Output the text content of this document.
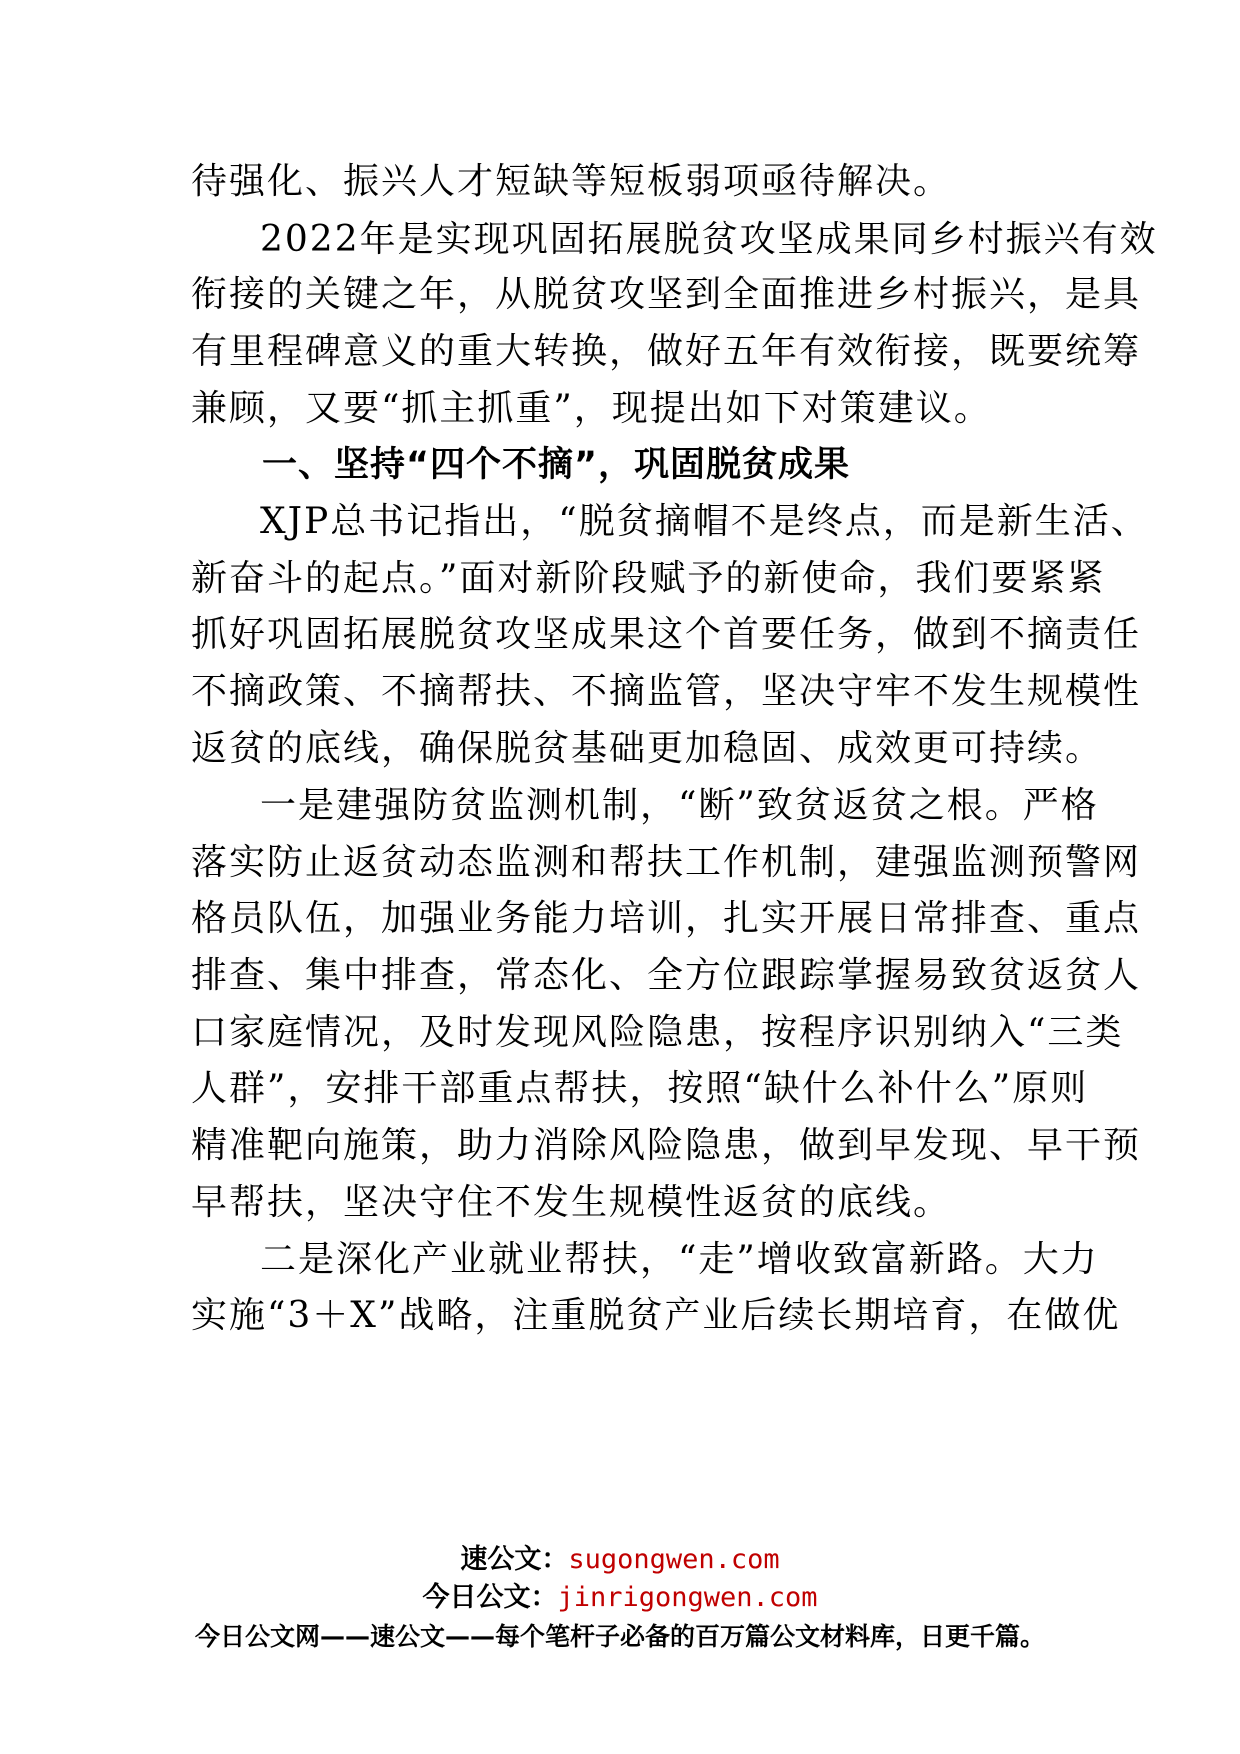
待强化、振兴人才短缺等短板弱项亟待解决。
2022年是实现巩固拓展脱贫攻坚成果同乡村振兴有效
衔接的关键之年，从脱贫攻坚到全面推进乡村振兴，是具
有里程碑意义的重大转换，做好五年有效衔接，既要统筹
兼顾，又要“抓主抓重”，现提出如下对策建议。
一、坚持“四个不摘”，巩固脱贫成果
XJP总书记指出，“脱贫摘帽不是终点，而是新生活、
新奋斗的起点。”面对新阶段赋予的新使命，我们要紧紧
抓好巩固拓展脱贫攻坚成果这个首要任务，做到不摘责任
不摘政策、不摘帮扶、不摘监管，坚决守牢不发生规模性
返贫的底线，确保脱贫基础更加稳固、成效更可持续。
一是建强防贫监测机制，“断”致贫返贫之根。严格
落实防止返贫动态监测和帮扶工作机制，建强监测预警网
格员队伍，加强业务能力培训，扎实开展日常排查、重点
排查、集中排查，常态化、全方位跟踪掌握易致贫返贫人
口家庭情况，及时发现风险隐患，按程序识别纳入“三类
人群”，安排干部重点帮扶，按照“缺什么补什么”原则
精准靶向施策，助力消除风险隐患，做到早发现、早干预
早帮扶，坚决守住不发生规模性返贫的底线。
二是深化产业就业帮扶，“走”增收致富新路。大力
实施“3＋X”战略，注重脱贫产业后续长期培育，在做优
速公文：sugongwen.com
今日公文：jinrigongwen.com
今日公文网——速公文——每个笔杆子必备的百万篇公文材料库，日更千篇。
